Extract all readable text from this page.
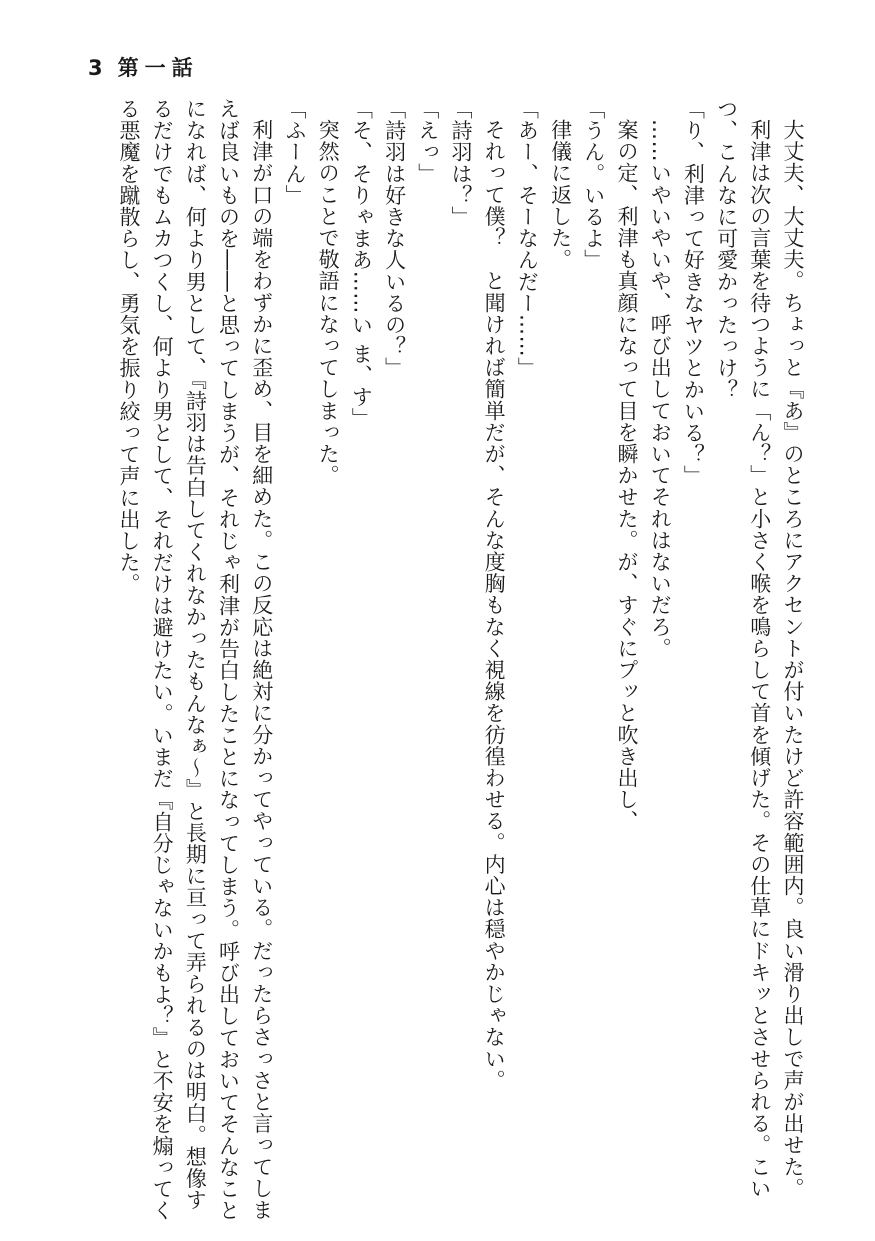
3 第一話

大丈夫、大丈夫。ちょっと『あ』のところにアクセントが付いたけど許容範囲内。良い滑り出しで声が出せた。

利津は次の言葉を待つように「ん？」と小さく喉を鳴らして首を傾げた。その仕草にドキッとさせられる。こいつ、こんなに可愛かったっけ？

「り、利津って好きなヤツとかいる？」

……いやいやいや、呼び出しておいてそれはないだろ。

案の定、利津も真顔になって目を瞬かせた。が、すぐにプッと吹き出し、

「うん。いるよ」

律儀に返した。

「あー、そーなんだー……」

それって僕？　と聞ければ簡単だが、そんな度胸もなく視線を彷徨わせる。内心は穏やかじゃない。

「詩羽は？」

「えっ」

「詩羽は好きな人いるの？」

「そ、そりゃまあ……い ま、す」

突然のことで敬語になってしまった。

「ふーん」

利津が口の端をわずかに歪め、目を細めた。この反応は絶対に分かってやっている。だったらさっさと言ってしまえば良いものを――と思ってしまうが、それじゃ利津が告白したことになってしまう。呼び出しておいてそんなことになれば、何より男として、『詩羽は告白してくれなかったもんなぁ～』と長期に亘って弄られるのは明白。想像するだけでもムカつくし、何より男として、それだけは避けたい。いまだ『自分じゃないかもよ？』と不安を煽ってくる悪魔を蹴散らし、勇気を振り絞って声に出した。
